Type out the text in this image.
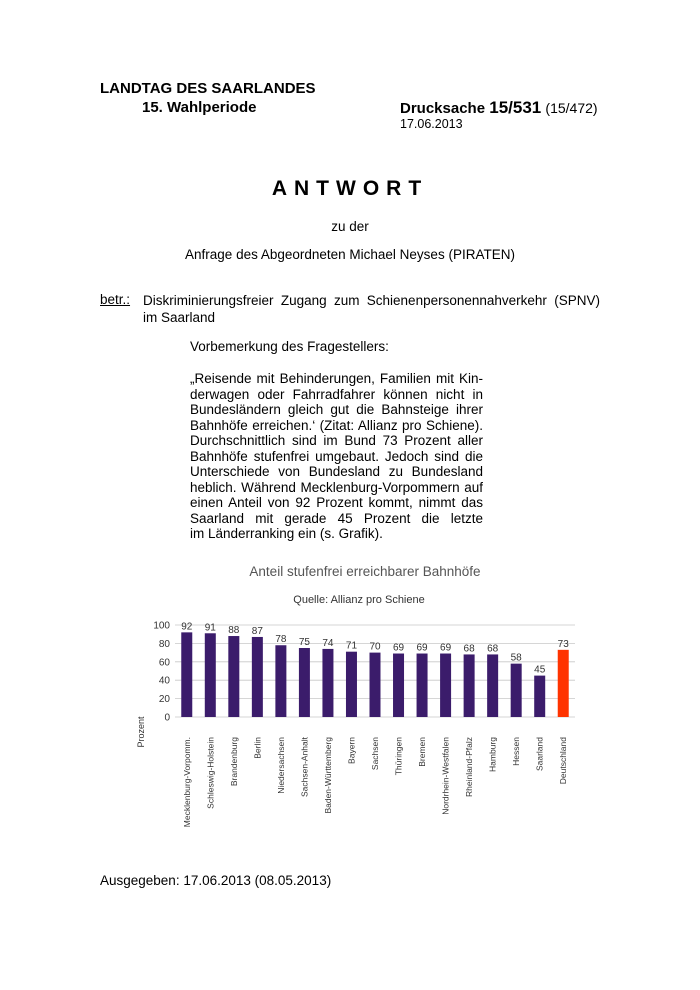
LANDTAG DES SAARLANDES
15. Wahlperiode	Drucksache 15/531 (15/472)
17.06.2013
ANTWORT
zu der
Anfrage des Abgeordneten Michael Neyses (PIRATEN)
betr.: Diskriminierungsfreier Zugang zum Schienenpersonennahverkehr (SPNV) im Saarland
Vorbemerkung des Fragestellers:
„Reisende mit Behinderungen, Familien mit Kin-
derwagen oder Fahrradfahrer können nicht in
Bundesländern gleich gut die Bahnsteige ihrer
Bahnhöfe erreichen.‘ (Zitat: Allianz pro Schiene).
Durchschnittlich sind im Bund 73 Prozent aller
Bahnhöfe stufenfrei umgebaut. Jedoch sind die
Unterschiede von Bundesland zu Bundesland
heblich. Während Mecklenburg-Vorpommern auf
einen Anteil von 92 Prozent kommt, nimmt das
Saarland mit gerade 45 Prozent die letzte
im Länderranking ein (s. Grafik).
0
20
40
60
80
100 92
Mecklenburg-Vorpomm.
91
Schleswig-Holstein
88
Brandenburg
87
Berlin
78
Niedersachsen
75
Sachsen-Anhalt
74
Baden-Württemberg
71
Bayern
70
Sachsen
69
Thüringen
69
Bremen
69
Nordrhein-Westfalen
68
Rheinland-Pfalz
68
Hamburg
58
Hessen
45
Saarland
73
Deutschland
Anteil stufenfrei erreichbarer Bahnhöfe
Quelle: Allianz pro Schiene
Prozent
Ausgegeben: 17.06.2013 (08.05.2013)
